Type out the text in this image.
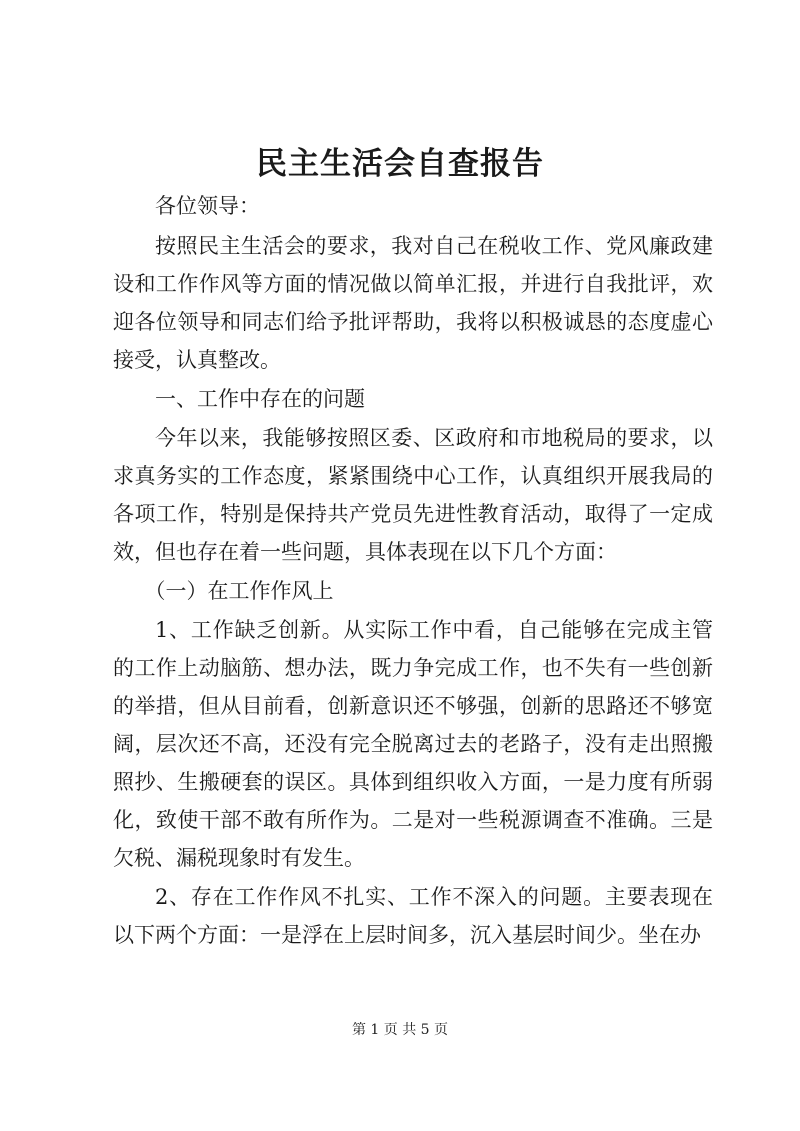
民主生活会自查报告

各位领导：

按照民主生活会的要求，我对自己在税收工作、党风廉政建设和工作作风等方面的情况做以简单汇报，并进行自我批评，欢迎各位领导和同志们给予批评帮助，我将以积极诚恳的态度虚心接受，认真整改。

一、工作中存在的问题

今年以来，我能够按照区委、区政府和市地税局的要求，以求真务实的工作态度，紧紧围绕中心工作，认真组织开展我局的各项工作，特别是保持共产党员先进性教育活动，取得了一定成效，但也存在着一些问题，具体表现在以下几个方面：

（一）在工作作风上

1、工作缺乏创新。从实际工作中看，自己能够在完成主管的工作上动脑筋、想办法，既力争完成工作，也不失有一些创新的举措，但从目前看，创新意识还不够强，创新的思路还不够宽阔，层次还不高，还没有完全脱离过去的老路子，没有走出照搬照抄、生搬硬套的误区。具体到组织收入方面，一是力度有所弱化，致使干部不敢有所作为。二是对一些税源调查不准确。三是欠税、漏税现象时有发生。

2、存在工作作风不扎实、工作不深入的问题。主要表现在以下两个方面：一是浮在上层时间多，沉入基层时间少。坐在办

第 1 页 共 5 页
